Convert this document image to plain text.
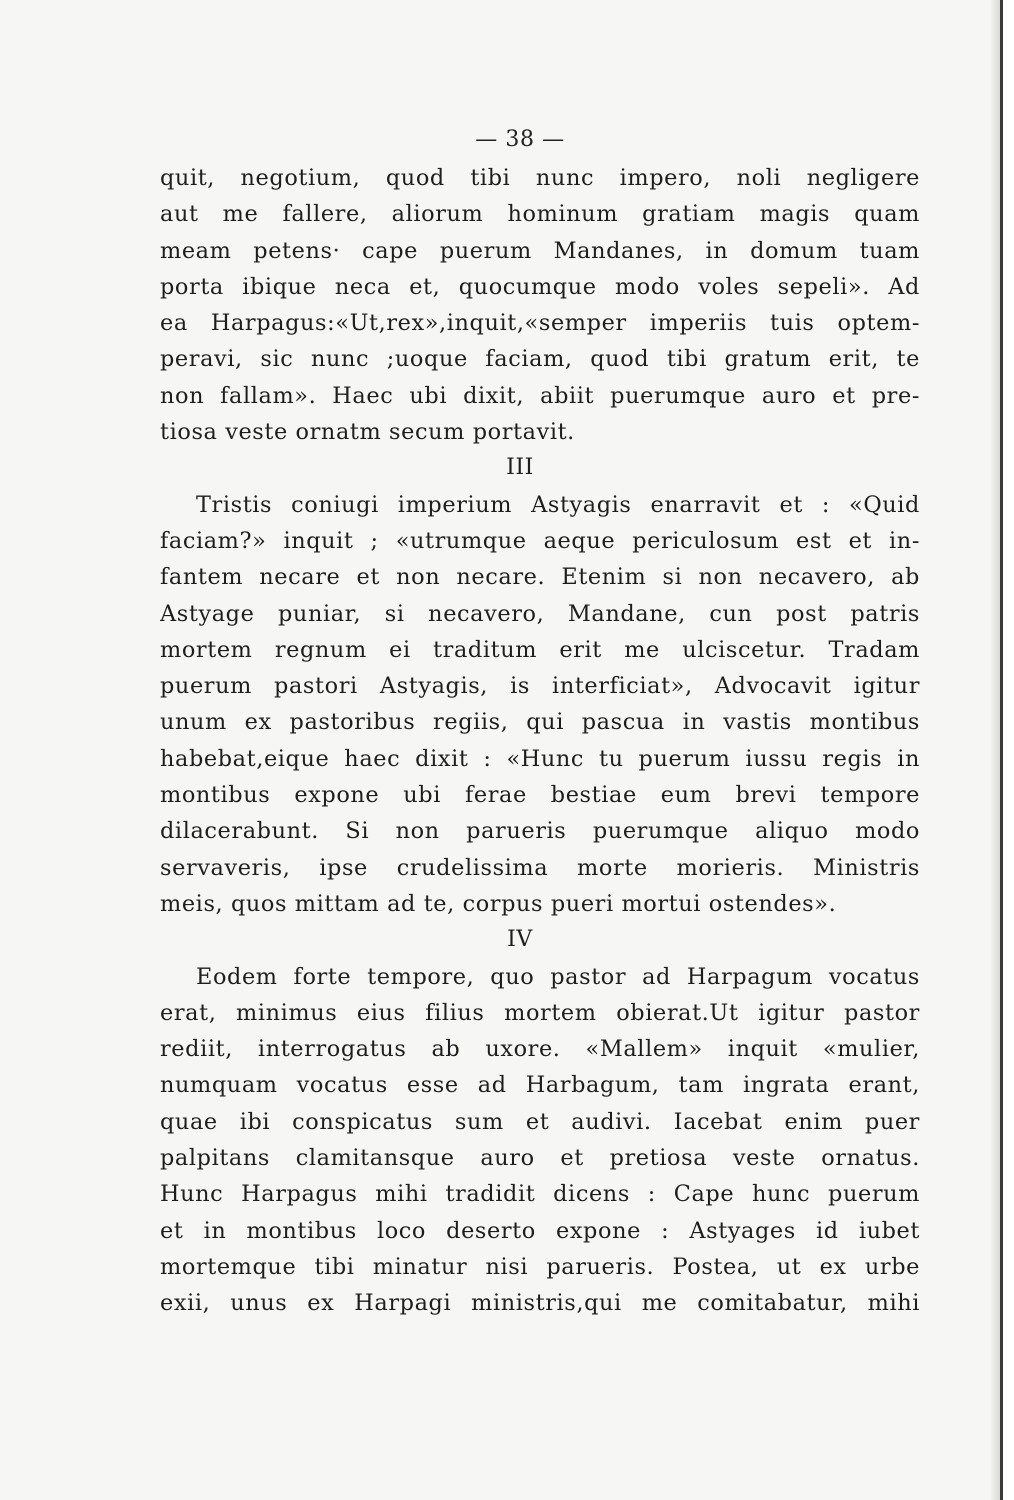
— 38 —
quit, negotium, quod tibi nunc impero, noli negligere
aut me fallere, aliorum hominum gratiam magis quam
meam petens· cape puerum Mandanes, in domum tuam
porta ibique neca et, quocumque modo voles sepeli». Ad
ea Harpagus:«Ut,rex»,inquit,«semper imperiis tuis optem-
peravi, sic nunc ;uoque faciam, quod tibi gratum erit, te
non fallam». Haec ubi dixit, abiit puerumque auro et pre-
tiosa veste ornatm secum portavit.
III
Tristis coniugi imperium Astyagis enarravit et : «Quid
faciam?» inquit ; «utrumque aeque periculosum est et in-
fantem necare et non necare. Etenim si non necavero, ab
Astyage puniar, si necavero, Mandane, cun post patris
mortem regnum ei traditum erit me ulciscetur. Tradam
puerum pastori Astyagis, is interficiat», Advocavit igitur
unum ex pastoribus regiis, qui pascua in vastis montibus
habebat,eique haec dixit : «Hunc tu puerum iussu regis in
montibus expone ubi ferae bestiae eum brevi tempore
dilacerabunt. Si non parueris puerumque aliquo modo
servaveris, ipse crudelissima morte morieris. Ministris
meis, quos mittam ad te, corpus pueri mortui ostendes».
IV
Eodem forte tempore, quo pastor ad Harpagum vocatus
erat, minimus eius filius mortem obierat.Ut igitur pastor
rediit, interrogatus ab uxore. «Mallem» inquit «mulier,
numquam vocatus esse ad Harbagum, tam ingrata erant,
quae ibi conspicatus sum et audivi. Iacebat enim puer
palpitans clamitansque auro et pretiosa veste ornatus.
Hunc Harpagus mihi tradidit dicens : Cape hunc puerum
et in montibus loco deserto expone : Astyages id iubet
mortemque tibi minatur nisi parueris. Postea, ut ex urbe
exii, unus ex Harpagi ministris,qui me comitabatur, mihi
